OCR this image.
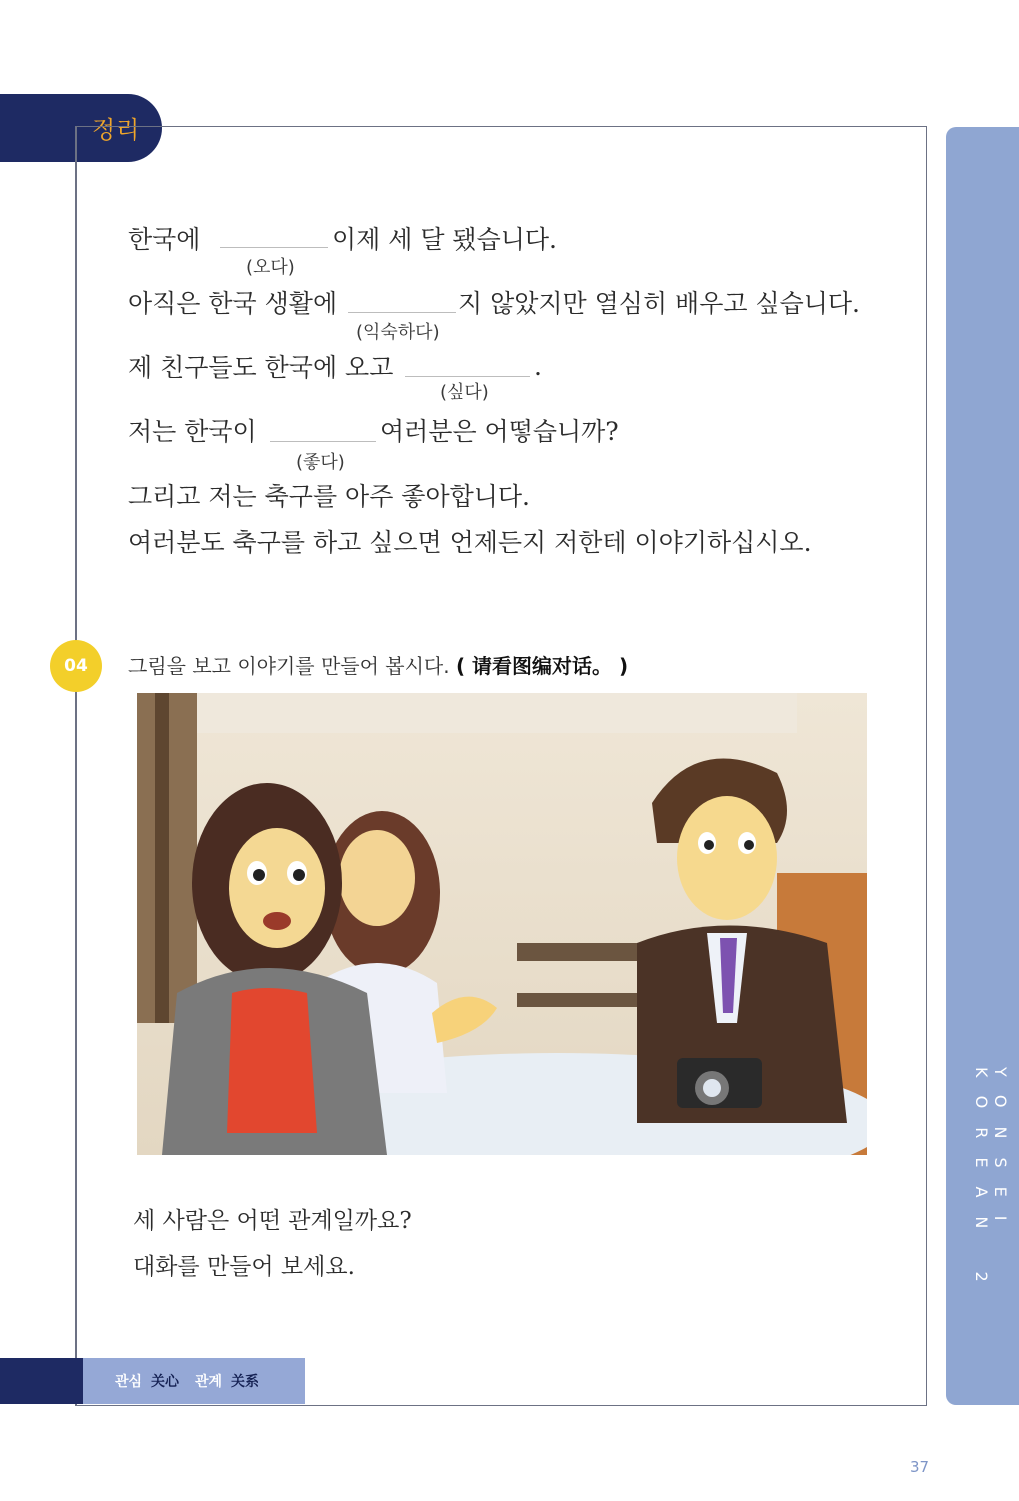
정리
YONSEI KOREAN 2
한국에	이제 세 달 됐습니다.
(오다)
아직은 한국 생활에	지 않았지만 열심히 배우고 싶습니다.
(익숙하다)
제 친구들도 한국에 오고	.
(싶다)
저는 한국이	여러분은 어떻습니까?
(좋다)
그리고 저는 축구를 아주 좋아합니다.
여러분도 축구를 하고 싶으면 언제든지 저한테 이야기하십시오.
04	그림을 보고 이야기를 만들어 봅시다. ( 请看图编对话。 )
세 사람은 어떤 관계일까요?
대화를 만들어 보세요.
관심 关心 관계 关系
37
